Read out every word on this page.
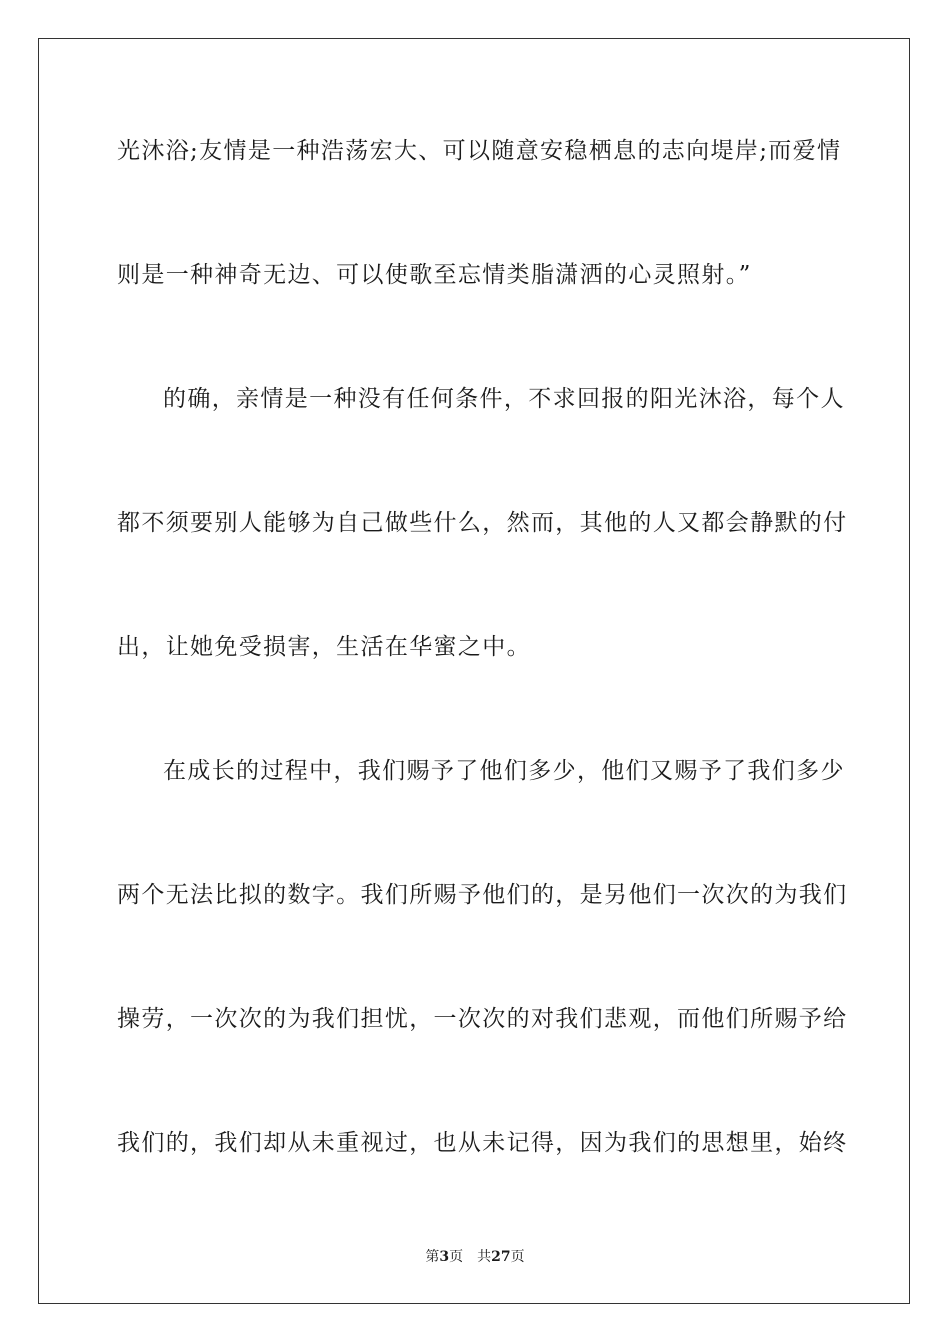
光沐浴;友情是一种浩荡宏大、可以随意安稳栖息的志向堤岸;而爱情
则是一种神奇无边、可以使歌至忘情类脂潇洒的心灵照射。”
的确，亲情是一种没有任何条件，不求回报的阳光沐浴，每个人
都不须要别人能够为自己做些什么，然而，其他的人又都会静默的付
出，让她免受损害，生活在华蜜之中。
在成长的过程中，我们赐予了他们多少，他们又赐予了我们多少
两个无法比拟的数字。我们所赐予他们的，是另他们一次次的为我们
操劳，一次次的为我们担忧，一次次的对我们悲观，而他们所赐予给
我们的，我们却从未重视过，也从未记得，因为我们的思想里，始终
第3页 共27页
